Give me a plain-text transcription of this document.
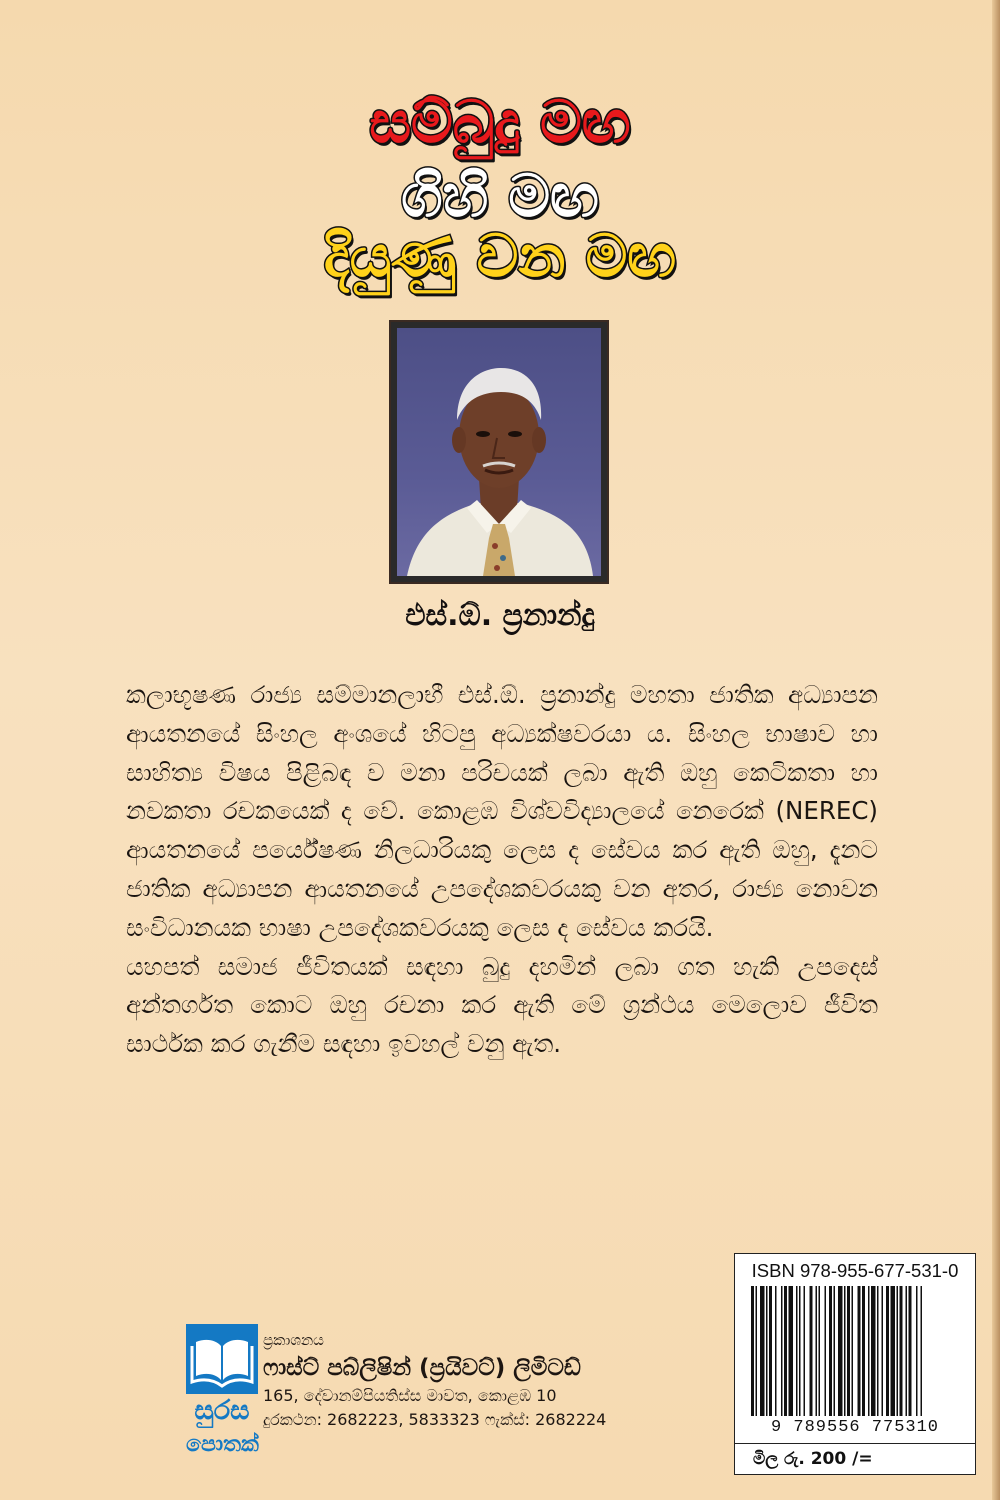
සම්බුදු මඟ
ගිහි මඟ
දියුණු වන මඟ
එස්.ඕ. ප්‍රනාන්දු

කලාභූෂණ රාජ්‍ය සම්මානලාභී එස්.ඕ. ප්‍රනාන්දු මහතා ජාතික අධ්‍යාපන ආයතනයේ සිංහල අංශයේ හිටපු අධ්‍යක්ෂවරයා ය. සිංහල භාෂාව හා සාහිත්‍ය විෂය පිළිබඳ ව මනා පරිචයක් ලබා ඇති ඔහු කෙටිකතා හා නවකතා රචකයෙක් ද වේ. කොළඹ විශ්වවිද්‍යාලයේ නෙරෙක් (NEREC) ආයතනයේ පර්යේෂණ නිලධාරියකු ලෙස ද සේවය කර ඇති ඔහු, දැනට ජාතික අධ්‍යාපන ආයතනයේ උපදේශකවරයකු වන අතර, රාජ්‍ය නොවන සංවිධානයක භාෂා උපදේශකවරයකු ලෙස ද සේවය කරයි.

යහපත් සමාජ ජීවිතයක් සඳහා බුදු දහමින් ලබා ගත හැකි උපදෙස් අන්තර්ගත කොට ඔහු රචනා කර ඇති මේ ග්‍රන්ථය මෙලොව ජීවිත සාර්ථක කර ගැනීම සඳහා ඉවහල් වනු ඇත.

ISBN 978-955-677-531-0
9 789556 775310
මිල රු. 200 /=
සුරස
පොතක්
ප්‍රකාශනය
ෆාස්ට් පබ්ලිෂින් (ප්‍රයිවට්) ලිමිටඩ්
165, දේවානම්පියතිස්ස මාවත, කොළඹ 10
දුරකථන: 2682223, 5833323 ෆැක්ස්: 2682224
